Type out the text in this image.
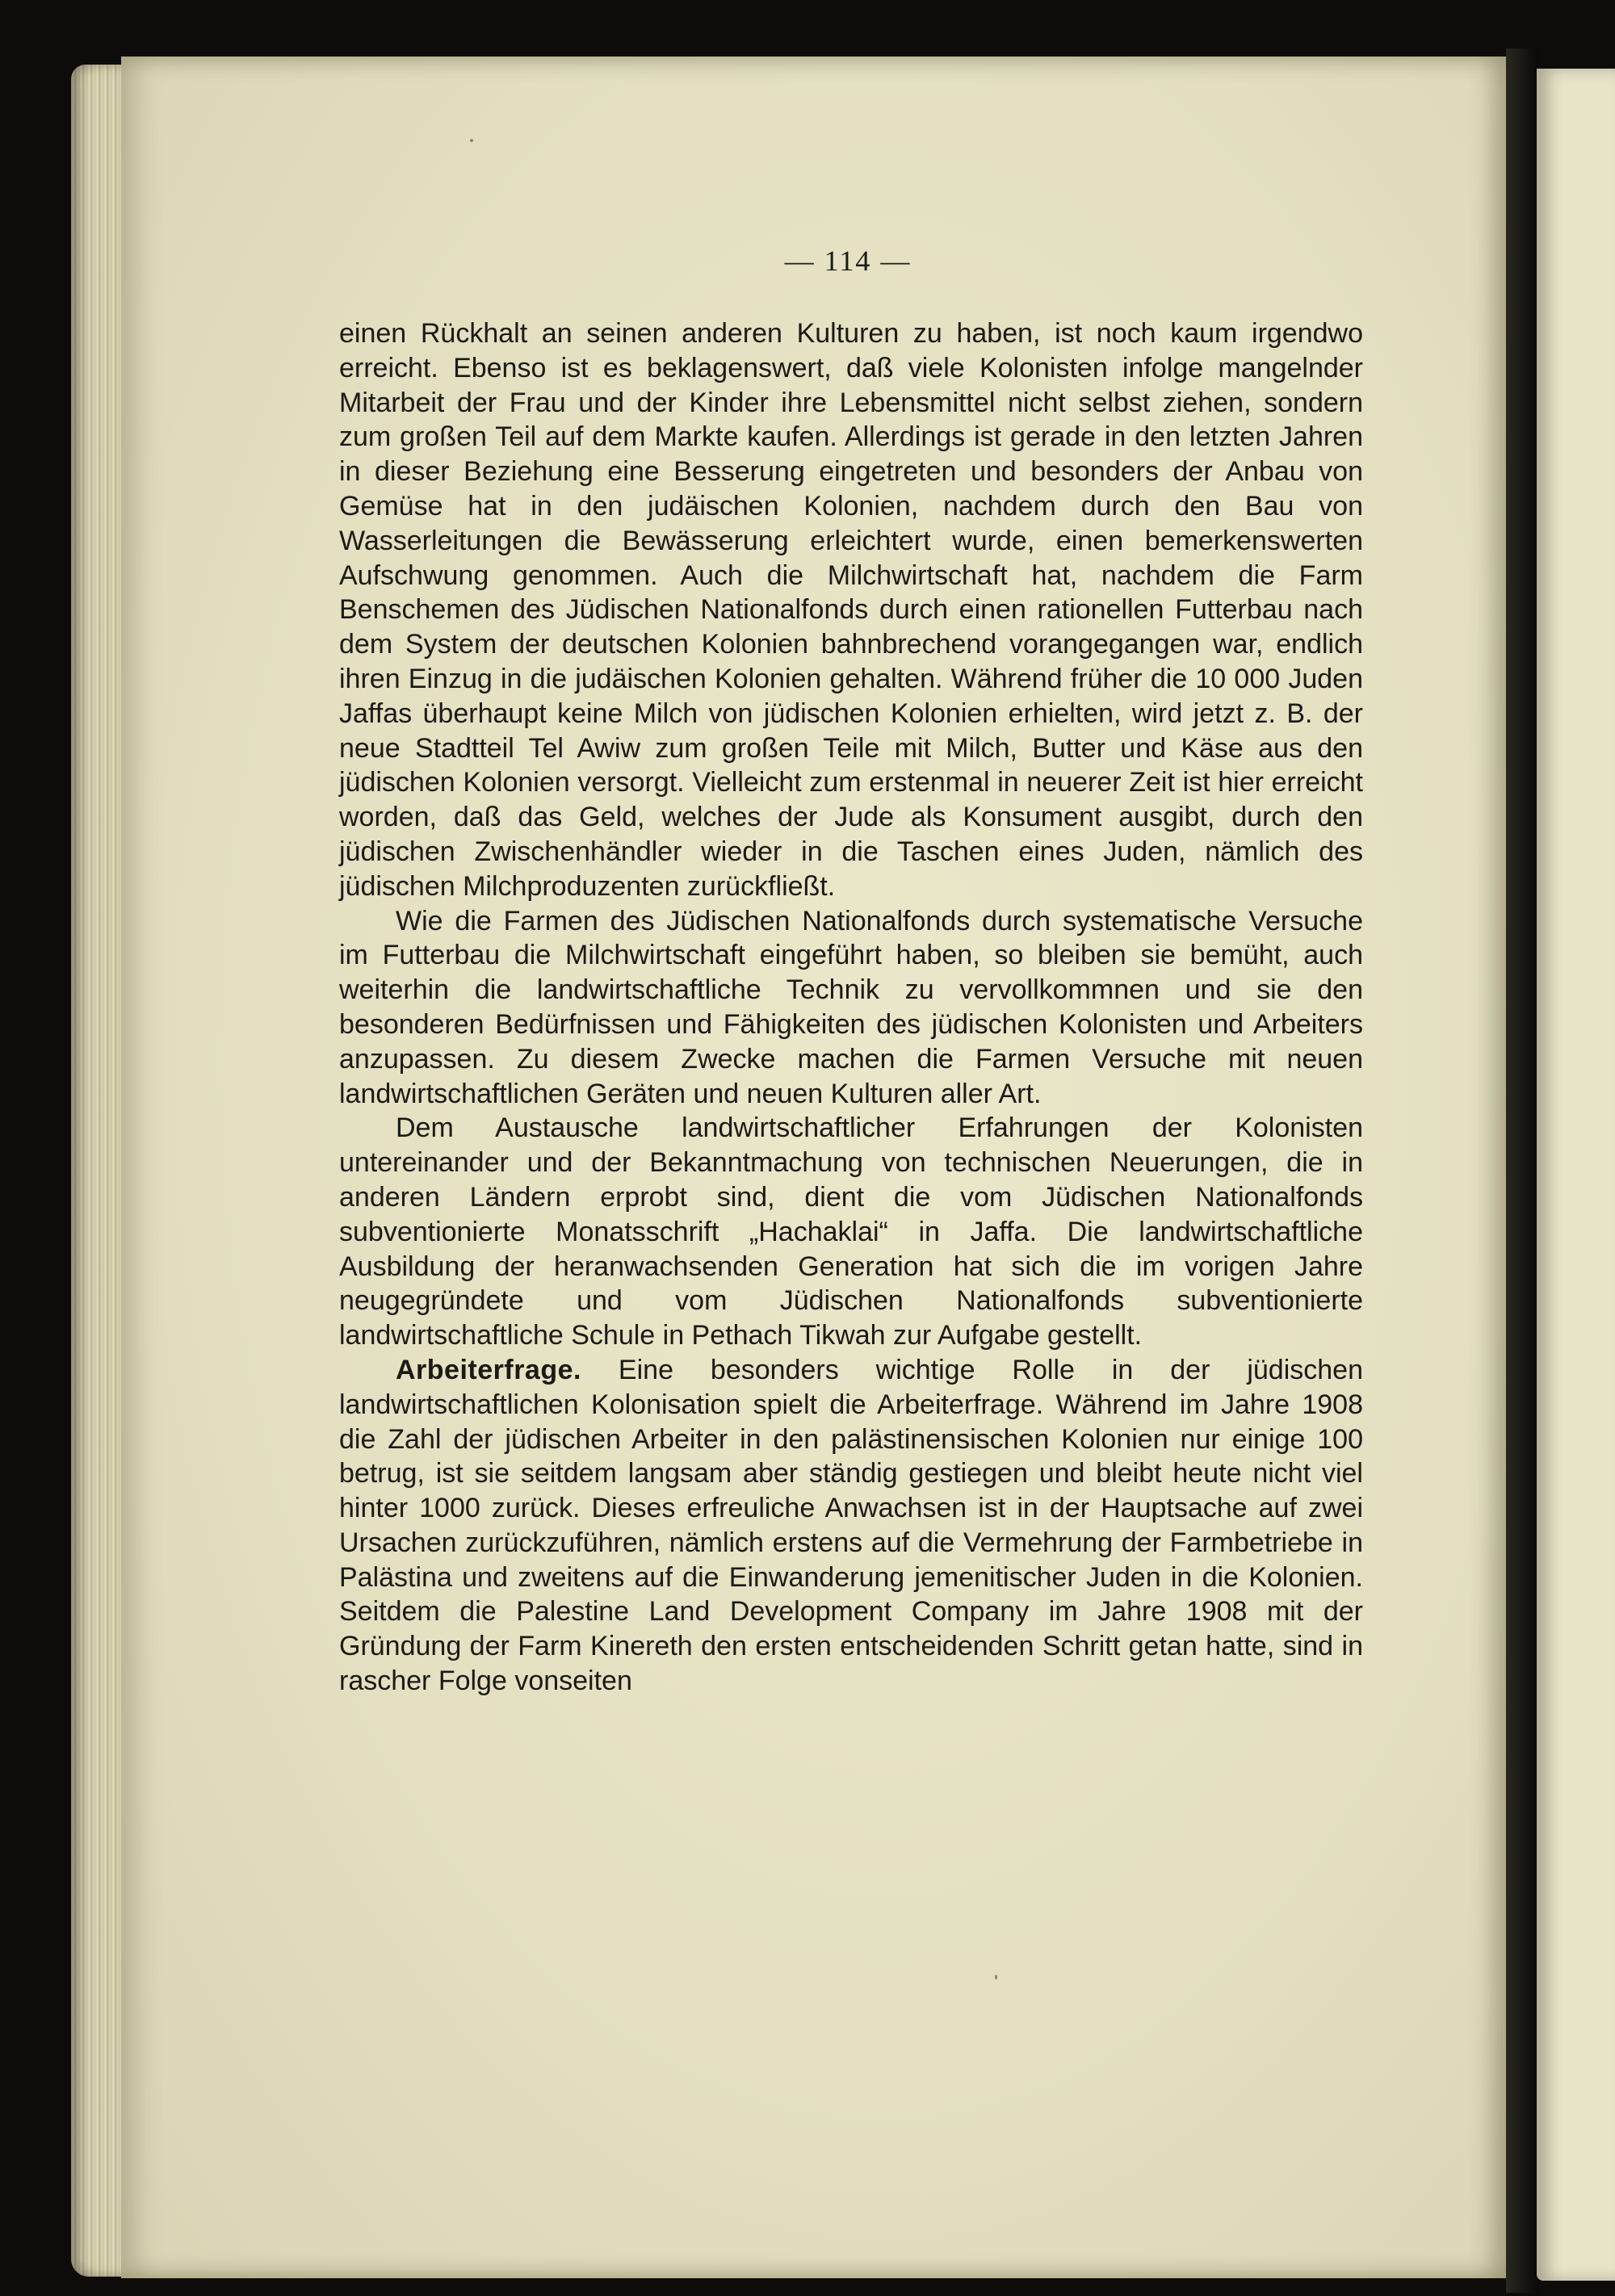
— 114 —

einen Rückhalt an seinen anderen Kulturen zu haben, ist noch kaum irgendwo erreicht. Ebenso ist es beklagenswert, daß viele Kolonisten infolge mangelnder Mitarbeit der Frau und der Kinder ihre Lebensmittel nicht selbst ziehen, sondern zum großen Teil auf dem Markte kaufen. Allerdings ist gerade in den letzten Jahren in dieser Beziehung eine Besserung eingetreten und besonders der Anbau von Gemüse hat in den judäischen Kolonien, nachdem durch den Bau von Wasserleitungen die Bewässerung erleichtert wurde, einen bemerkenswerten Aufschwung genommen. Auch die Milchwirtschaft hat, nachdem die Farm Benschemen des Jüdischen Nationalfonds durch einen rationellen Futterbau nach dem System der deutschen Kolonien bahnbrechend vorangegangen war, endlich ihren Einzug in die judäischen Kolonien gehalten. Während früher die 10 000 Juden Jaffas überhaupt keine Milch von jüdischen Kolonien erhielten, wird jetzt z. B. der neue Stadtteil Tel Awiw zum großen Teile mit Milch, Butter und Käse aus den jüdischen Kolonien versorgt. Vielleicht zum erstenmal in neuerer Zeit ist hier erreicht worden, daß das Geld, welches der Jude als Konsument ausgibt, durch den jüdischen Zwischenhändler wieder in die Taschen eines Juden, nämlich des jüdischen Milchproduzenten zurückfließt.

Wie die Farmen des Jüdischen Nationalfonds durch systematische Versuche im Futterbau die Milchwirtschaft eingeführt haben, so bleiben sie bemüht, auch weiterhin die landwirtschaftliche Technik zu vervollkommnen und sie den besonderen Bedürfnissen und Fähigkeiten des jüdischen Kolonisten und Arbeiters anzupassen. Zu diesem Zwecke machen die Farmen Versuche mit neuen landwirtschaftlichen Geräten und neuen Kulturen aller Art.

Dem Austausche landwirtschaftlicher Erfahrungen der Kolonisten untereinander und der Bekanntmachung von technischen Neuerungen, die in anderen Ländern erprobt sind, dient die vom Jüdischen Nationalfonds subventionierte Monatsschrift „Hachaklai“ in Jaffa. Die landwirtschaftliche Ausbildung der heranwachsenden Generation hat sich die im vorigen Jahre neugegründete und vom Jüdischen Nationalfonds subventionierte landwirtschaftliche Schule in Pethach Tikwah zur Aufgabe gestellt.

Arbeiterfrage. Eine besonders wichtige Rolle in der jüdischen landwirtschaftlichen Kolonisation spielt die Arbeiterfrage. Während im Jahre 1908 die Zahl der jüdischen Arbeiter in den palästinensischen Kolonien nur einige 100 betrug, ist sie seitdem langsam aber ständig gestiegen und bleibt heute nicht viel hinter 1000 zurück. Dieses erfreuliche Anwachsen ist in der Hauptsache auf zwei Ursachen zurückzuführen, nämlich erstens auf die Vermehrung der Farmbetriebe in Palästina und zweitens auf die Einwanderung jemenitischer Juden in die Kolonien. Seitdem die Palestine Land Development Company im Jahre 1908 mit der Gründung der Farm Kinereth den ersten entscheidenden Schritt getan hatte, sind in rascher Folge vonseiten
